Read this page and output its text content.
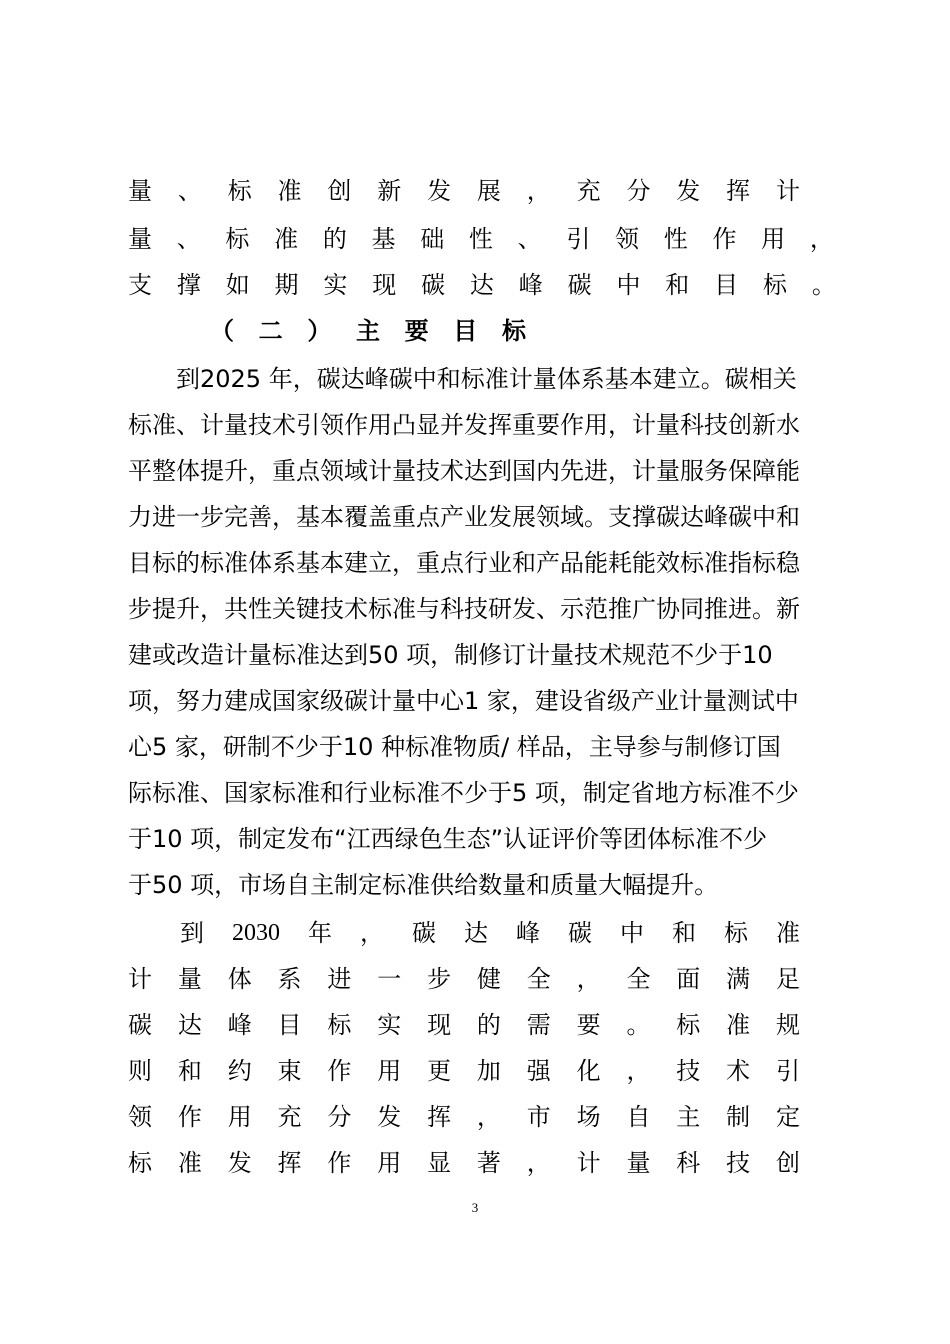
量 、 标 准 创 新 发 展 ， 充 分 发 挥 计
量 、 标 准 的 基 础 性 、 引 领 性 作 用 ，
支 撑 如 期 实 现 碳 达 峰 碳 中 和 目 标 。
（ 二 ） 主 要 目 标
到2025 年，碳达峰碳中和标准计量体系基本建立。碳相关
标准、计量技术引领作用凸显并发挥重要作用，计量科技创新水
平整体提升，重点领域计量技术达到国内先进，计量服务保障能
力进一步完善，基本覆盖重点产业发展领域。支撑碳达峰碳中和
目标的标准体系基本建立，重点行业和产品能耗能效标准指标稳
步提升，共性关键技术标准与科技研发、示范推广协同推进。新
建或改造计量标准达到50 项，制修订计量技术规范不少于10
项，努力建成国家级碳计量中心1 家，建设省级产业计量测试中
心5 家，研制不少于10 种标准物质/ 样品，主导参与制修订国
际标准、国家标准和行业标准不少于5 项，制定省地方标准不少
于10 项，制定发布“江西绿色生态”认证评价等团体标准不少
于50 项，市场自主制定标准供给数量和质量大幅提升。
到 2030 年 ， 碳 达 峰 碳 中 和 标 准
计 量 体 系 进 一 步 健 全 ， 全 面 满 足
碳 达 峰 目 标 实 现 的 需 要 。 标 准 规
则 和 约 束 作 用 更 加 强 化 ， 技 术 引
领 作 用 充 分 发 挥 ， 市 场 自 主 制 定
标 准 发 挥 作 用 显 著 ， 计 量 科 技 创
3
